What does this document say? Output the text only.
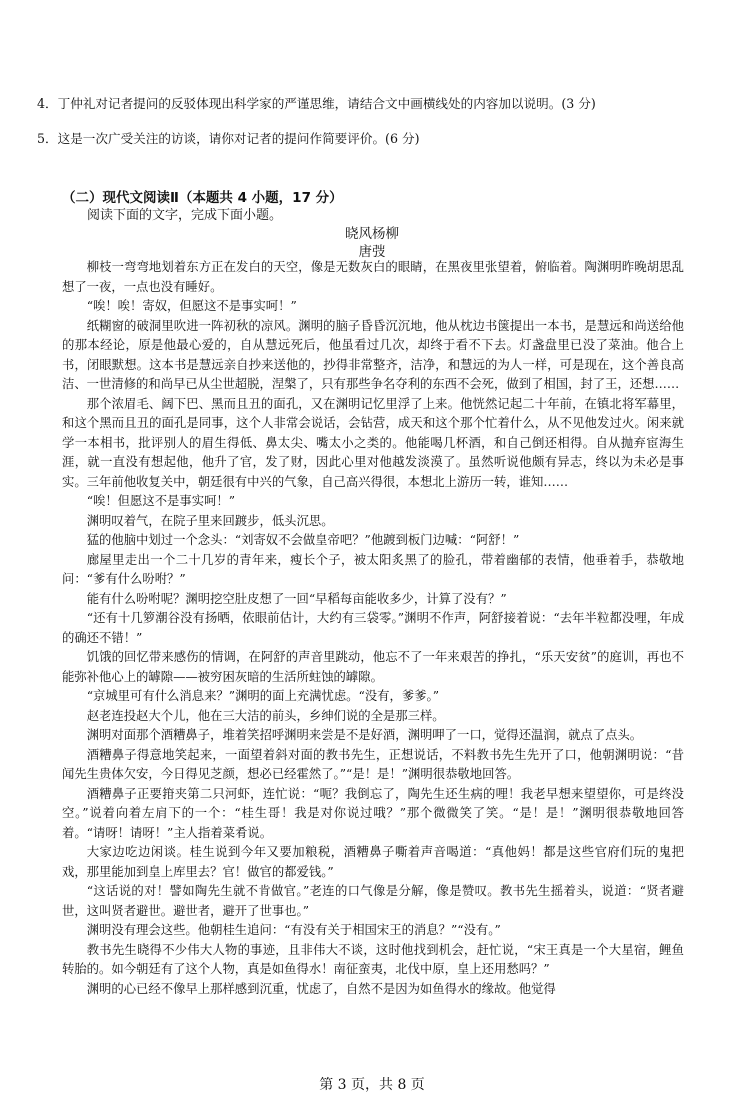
4．丁仲礼对记者提问的反驳体现出科学家的严谨思维，请结合文中画横线处的内容加以说明。(3 分)
5．这是一次广受关注的访谈，请你对记者的提问作简要评价。(6 分)
（二）现代文阅读Ⅱ（本题共 4 小题，17 分）
阅读下面的文字，完成下面小题。
晓风杨柳
唐弢

柳枝一弯弯地划着东方正在发白的天空，像是无数灰白的眼睛，在黑夜里张望着，俯临着。陶渊明昨晚胡思乱想了一夜，一点也没有睡好。

“唉！唉！寄奴，但愿这不是事实呵！”

纸糊窗的破洞里吹进一阵初秋的凉风。渊明的脑子昏昏沉沉地，他从枕边书箧提出一本书，是慧远和尚送给他的那本经论，原是他最心爱的，自从慧远死后，他虽看过几次，却终于看不下去。灯盏盘里已没了菜油。他合上书，闭眼默想。这本书是慧远亲自抄来送他的，抄得非常整齐，洁净，和慧远的为人一样，可是现在，这个善良高洁、一世清修的和尚早已从尘世超脱，涅槃了，只有那些争名夺利的东西不会死，做到了相国，封了王，还想……

那个浓眉毛、阔下巴、黑而且丑的面孔，又在渊明记忆里浮了上来。他恍然记起二十年前，在镇北将军幕里，和这个黑而且丑的面孔是同事，这个人非常会说话，会钻营，成天和这个那个忙着什么，从不见他发过火。闲来就学一本相书，批评别人的眉生得低、鼻太尖、嘴太小之类的。他能喝几杯酒，和自己倒还相得。自从抛弃宦海生涯，就一直没有想起他，他升了官，发了财，因此心里对他越发淡漠了。虽然听说他颇有异志，终以为未必是事实。三年前他收复关中，朝廷很有中兴的气象，自己高兴得很，本想北上游历一转，谁知……

“唉！但愿这不是事实呵！”

渊明叹着气，在院子里来回踱步，低头沉思。

猛的他脑中划过一个念头：“刘寄奴不会做皇帝吧？”他踱到板门边喊：“阿舒！”

廊屋里走出一个二十几岁的青年来，瘦长个子，被太阳炙黑了的脸孔，带着幽郁的表情，他垂着手，恭敬地问：“爹有什么吩咐？”

能有什么吩咐呢？渊明挖空肚皮想了一回“早稻每亩能收多少，计算了没有？”

“还有十几箩潮谷没有扬晒，依眼前估计，大约有三袋零。”渊明不作声，阿舒接着说：“去年半粒都没哩，年成的确还不错！”

饥饿的回忆带来感伤的情调，在阿舒的声音里跳动，他忘不了一年来艰苦的挣扎，“乐天安贫”的庭训，再也不能弥补他心上的罅隙——被穷困灰暗的生活所蛀蚀的罅隙。

“京城里可有什么消息来？”渊明的面上充满忧虑。“没有，爹爹。”

赵老连投赵大个儿，他在三大洁的前头，乡绅们说的全是那三样。

渊明对面那个酒糟鼻子，堆着笑招呼渊明来尝是不是好酒，渊明呷了一口，觉得还温润，就点了点头。

酒糟鼻子得意地笑起来，一面望着斜对面的教书先生，正想说话，不料教书先生先开了口，他朝渊明说：“昔闻先生贵体欠安，今日得见芝颜，想必已经霍然了。”“是！是！”渊明很恭敬地回答。

酒糟鼻子正要箝夹第二只河虾，连忙说：“呃？我倒忘了，陶先生还生病的哩！我老早想来望望你，可是终没空。”说着向着左肩下的一个：“桂生哥！我是对你说过哦？”那个微微笑了笑。“是！是！”渊明很恭敬地回答着。“请呀！请呀！”主人指着菜肴说。

大家边吃边闲谈。桂生说到今年又要加粮税，酒糟鼻子嘶着声音喝道：“真他妈！都是这些官府们玩的鬼把戏，那里能加到皇上库里去？官！做官的都爱钱。”

“这话说的对！譬如陶先生就不肯做官。”老连的口气像是分解，像是赞叹。教书先生摇着头，说道：“贤者避世，这叫贤者避世。避世者，避开了世事也。”

渊明没有理会这些。他朝桂生追问：“有没有关于相国宋王的消息？”“没有。”

教书先生晓得不少伟大人物的事迹，且非伟大不谈，这时他找到机会，赶忙说，“宋王真是一个大星宿，鲤鱼转胎的。如今朝廷有了这个人物，真是如鱼得水！南征蛮夷，北伐中原，皇上还用愁吗？”

渊明的心已经不像早上那样感到沉重，忧虑了，自然不是因为如鱼得水的缘故。他觉得

第 3 页，共 8 页
